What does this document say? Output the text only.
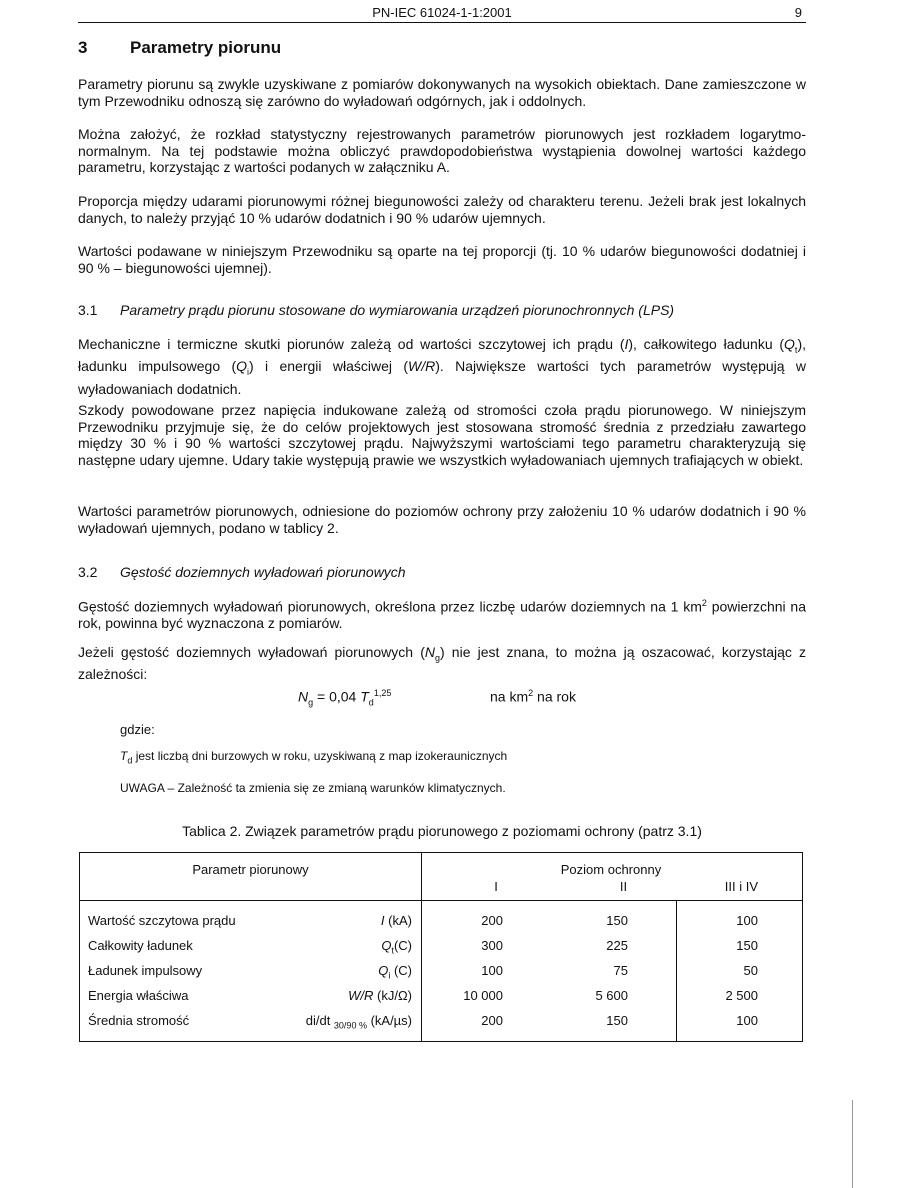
PN-IEC 61024-1-1:2001	9
3	Parametry piorunu

Parametry piorunu są zwykle uzyskiwane z pomiarów dokonywanych na wysokich obiektach. Dane zamieszczone w tym Przewodniku odnoszą się zarówno do wyładowań odgórnych, jak i oddolnych.

Można założyć, że rozkład statystyczny rejestrowanych parametrów piorunowych jest rozkładem logarytmo-normalnym. Na tej podstawie można obliczyć prawdopodobieństwa wystąpienia dowolnej wartości każdego parametru, korzystając z wartości podanych w załączniku A.

Proporcja między udarami piorunowymi różnej biegunowości zależy od charakteru terenu. Jeżeli brak jest lokalnych danych, to należy przyjąć 10 % udarów dodatnich i 90 % udarów ujemnych.

Wartości podawane w niniejszym Przewodniku są oparte na tej proporcji (tj. 10 % udarów biegunowości dodatniej i 90 % – biegunowości ujemnej).

3.1 Parametry prądu piorunu stosowane do wymiarowania urządzeń piorunochronnych (LPS)

Mechaniczne i termiczne skutki piorunów zależą od wartości szczytowej ich prądu (I), całkowitego ładunku $(Q_t)$, ładunku impulsowego $(Q_i)$ i energii właściwej (W/R). Największe wartości tych parametrów występują w wyładowaniach dodatnich.

Szkody powodowane przez napięcia indukowane zależą od stromości czoła prądu piorunowego. W niniejszym Przewodniku przyjmuje się, że do celów projektowych jest stosowana stromość średnia z przedziału zawartego między 30 % i 90 % wartości szczytowej prądu. Najwyższymi wartościami tego parametru charakteryzują się następne udary ujemne. Udary takie występują prawie we wszystkich wyładowaniach ujemnych trafiających w obiekt.

Wartości parametrów piorunowych, odniesione do poziomów ochrony przy założeniu 10 % udarów dodatnich i 90 % wyładowań ujemnych, podano w tablicy 2.

3.2 Gęstość doziemnych wyładowań piorunowych

Gęstość doziemnych wyładowań piorunowych, określona przez liczbę udarów doziemnych na 1 $km^2$ powierzchni na rok, powinna być wyznaczona z pomiarów.

Jeżeli gęstość doziemnych wyładowań piorunowych $(N_g)$ nie jest znana, to można ją oszacować, korzystając z zależności:

$N_g = 0,04$ $T_d^{1,25}$	na $km^2$ na rok
gdzie:
$T_d$ jest liczbą dni burzowych w roku, uzyskiwaną z map izokeraunicznych
UWAGA – Zależność ta zmienia się ze zmianą warunków klimatycznych.
Tablica 2. Związek parametrów prądu piorunowego z poziomami ochrony (patrz 3.1)
Parametr piorunowy	Poziom ochronny
I	II	III i IV
Wartość szczytowa prądu	I (kA)	200	150	100
Całkowity ładunek	$Q_t(C)$	300	225	150
Ładunek impulsowy	$Q_i$ (C)	100	75	50
Energia właściwa	W/R (kJ/Ω)	10 000	5 600	2 500
Średnia stromość	di/dt $_{30/90 \%}$ (kA/µs)	200	150	100
